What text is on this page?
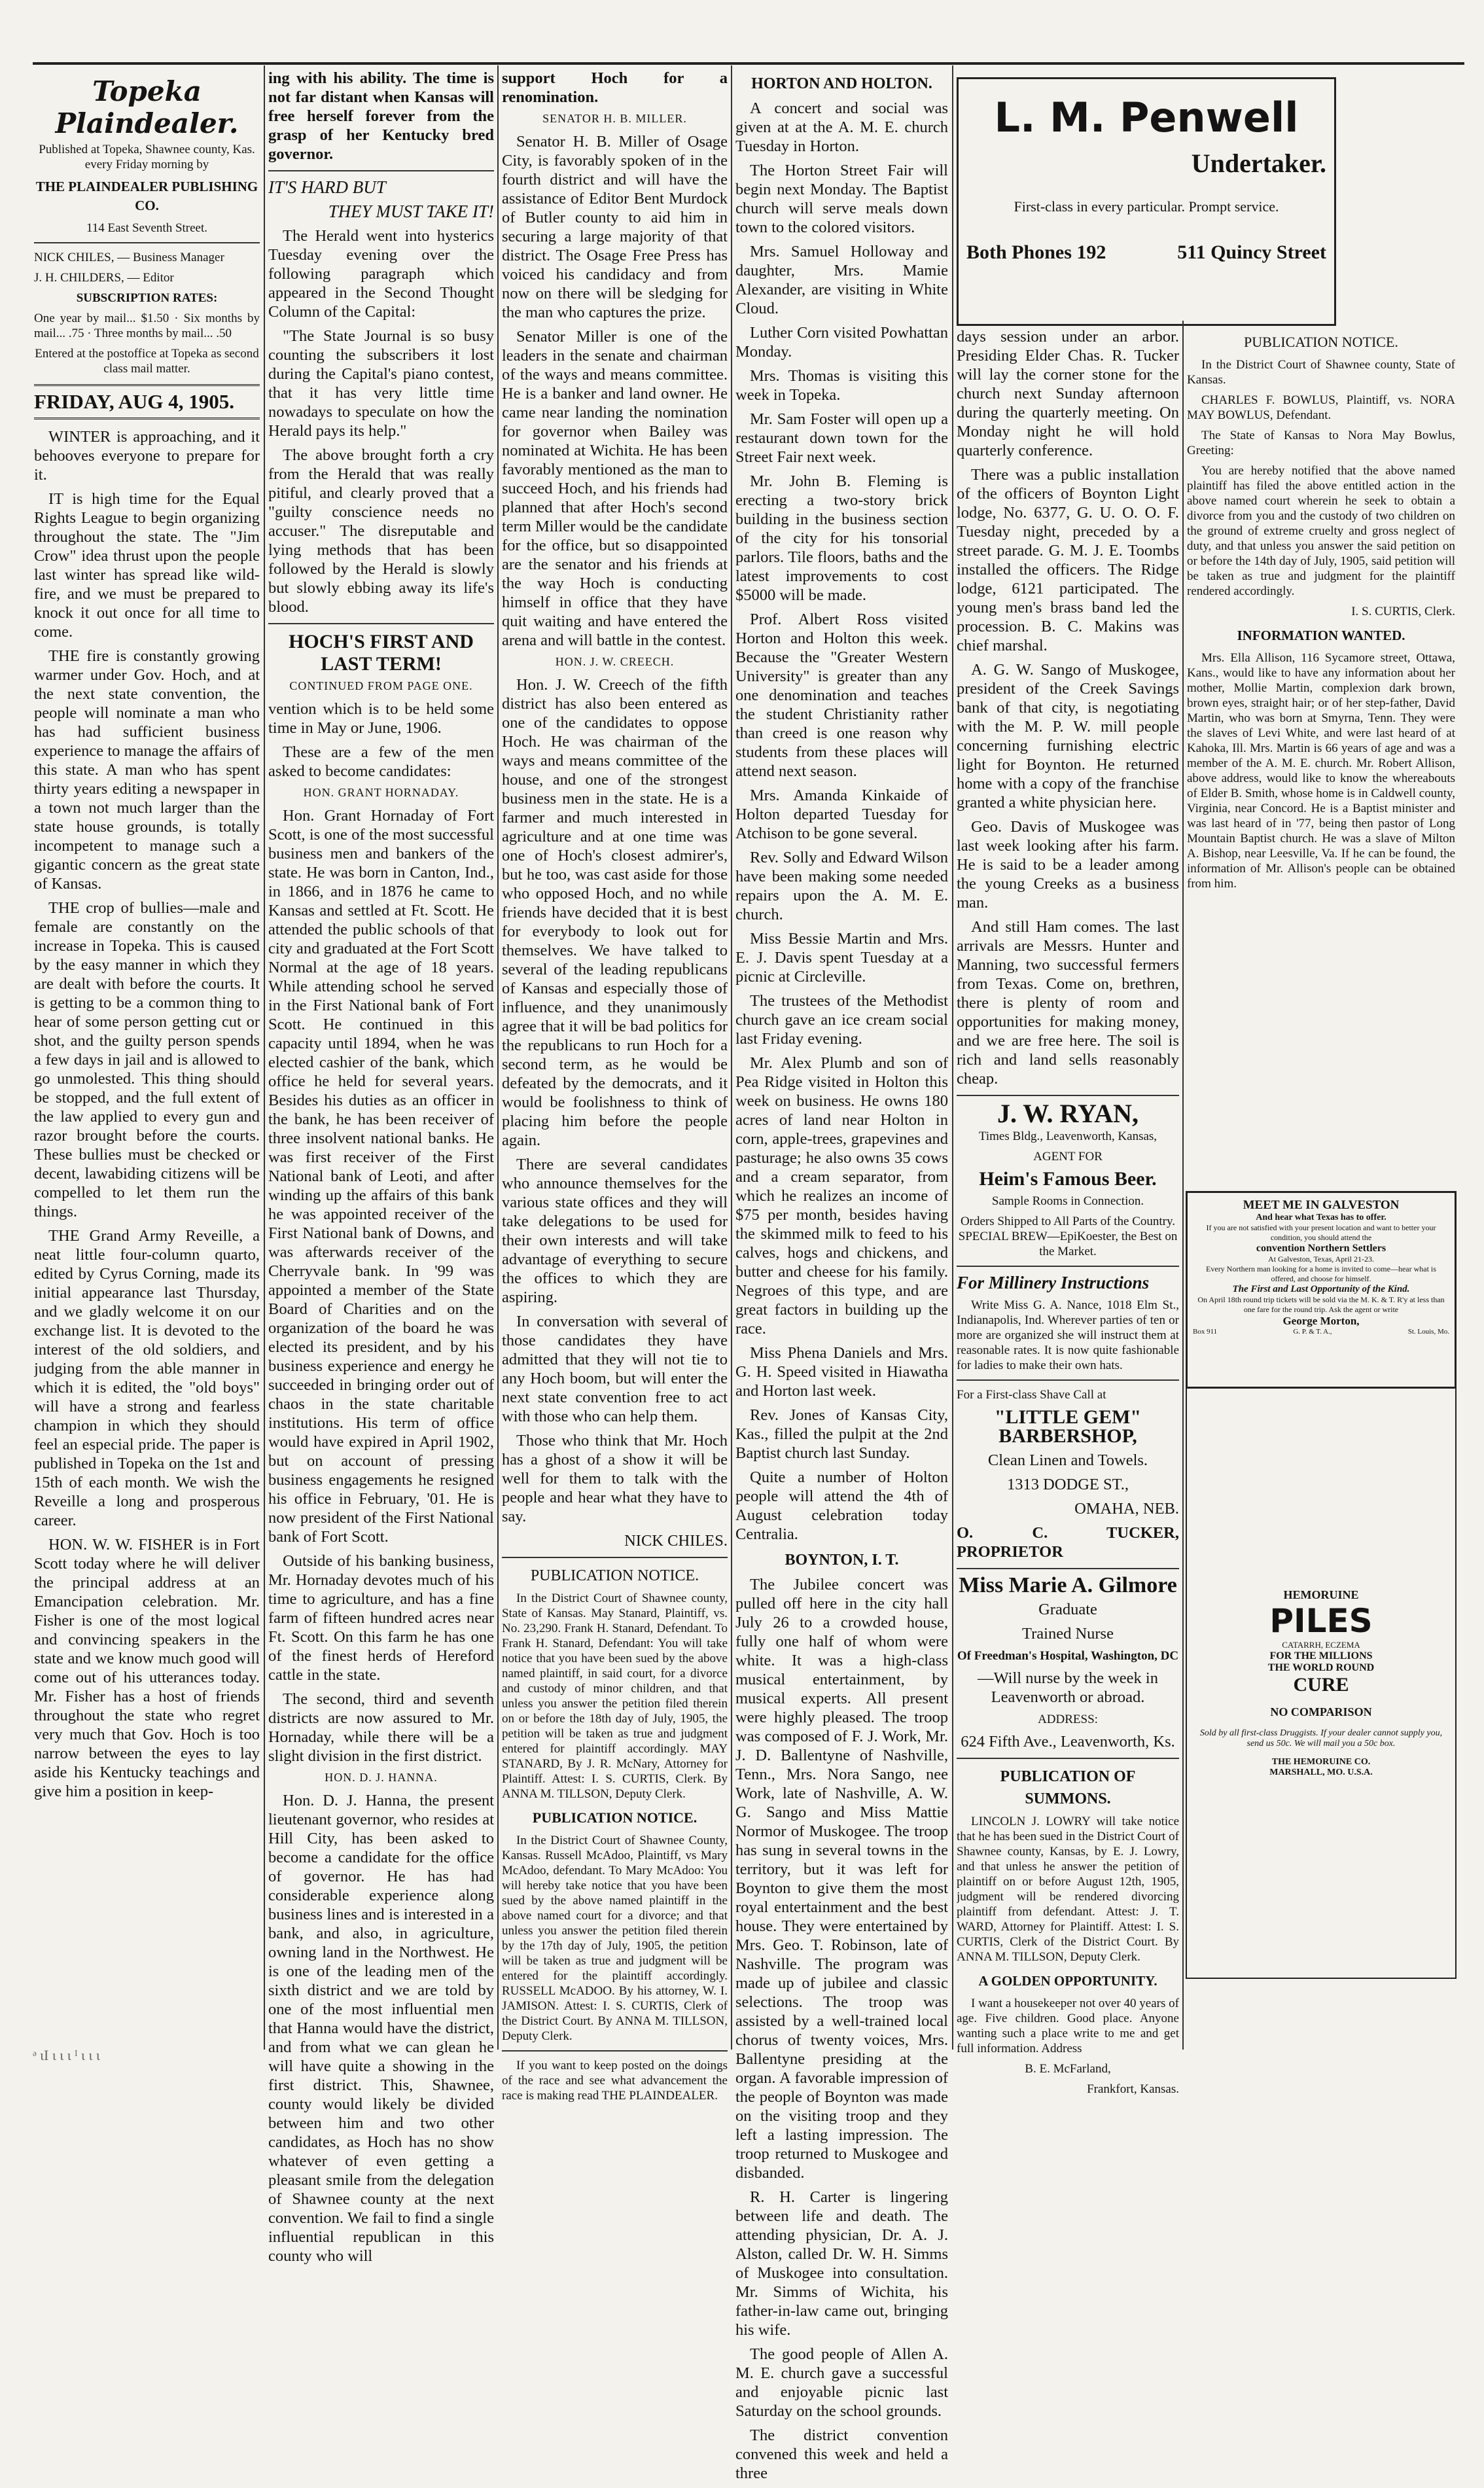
Topeka Plaindealer.

Published at Topeka, Shawnee county, Kas. every Friday morning by

THE PLAINDEALER PUBLISHING CO.

114 East Seventh Street.

NICK CHILES, — Business Manager

J. H. CHILDERS, — Editor

SUBSCRIPTION RATES:

One year by mail... $1.50 · Six months by mail... .75 · Three months by mail... .50

Entered at the postoffice at Topeka as second class mail matter.

FRIDAY, AUG 4, 1905.

WINTER is approaching, and it behooves everyone to prepare for it.

IT is high time for the Equal Rights League to begin organizing throughout the state. The "Jim Crow" idea thrust upon the people last winter has spread like wild-fire, and we must be prepared to knock it out once for all time to come.

THE fire is constantly growing warmer under Gov. Hoch, and at the next state convention, the people will nominate a man who has had sufficient business experience to manage the affairs of this state. A man who has spent thirty years editing a newspaper in a town not much larger than the state house grounds, is totally incompetent to manage such a gigantic concern as the great state of Kansas.

THE crop of bullies—male and female are constantly on the increase in Topeka. This is caused by the easy manner in which they are dealt with before the courts. It is getting to be a common thing to hear of some person getting cut or shot, and the guilty person spends a few days in jail and is allowed to go unmolested. This thing should be stopped, and the full extent of the law applied to every gun and razor brought before the courts. These bullies must be checked or decent, lawabiding citizens will be compelled to let them run the things.

THE Grand Army Reveille, a neat little four-column quarto, edited by Cyrus Corning, made its initial appearance last Thursday, and we gladly welcome it on our exchange list. It is devoted to the interest of the old soldiers, and judging from the able manner in which it is edited, the "old boys" will have a strong and fearless champion in which they should feel an especial pride. The paper is published in Topeka on the 1st and 15th of each month. We wish the Reveille a long and prosperous career.

HON. W. W. FISHER is in Fort Scott today where he will deliver the principal address at an Emancipation celebration. Mr. Fisher is one of the most logical and convincing speakers in the state and we know much good will come out of his utterances today. Mr. Fisher has a host of friends throughout the state who regret very much that Gov. Hoch is too narrow between the eyes to lay aside his Kentucky teachings and give him a position in keep-

ing with his ability. The time is not far distant when Kansas will free herself forever from the grasp of her Kentucky bred governor.

IT'S HARD BUT

THEY MUST TAKE IT!

The Herald went into hysterics Tuesday evening over the following paragraph which appeared in the Second Thought Column of the Capital:

"The State Journal is so busy counting the subscribers it lost during the Capital's piano contest, that it has very little time nowadays to speculate on how the Herald pays its help."

The above brought forth a cry from the Herald that was really pitiful, and clearly proved that a "guilty conscience needs no accuser." The disreputable and lying methods that has been followed by the Herald is slowly but slowly ebbing away its life's blood.

HOCH'S FIRST AND LAST TERM!
CONTINUED FROM PAGE ONE.

vention which is to be held some time in May or June, 1906.

These are a few of the men asked to become candidates:

HON. GRANT HORNADAY.

Hon. Grant Hornaday of Fort Scott, is one of the most successful business men and bankers of the state. He was born in Canton, Ind., in 1866, and in 1876 he came to Kansas and settled at Ft. Scott. He attended the public schools of that city and graduated at the Fort Scott Normal at the age of 18 years. While attending school he served in the First National bank of Fort Scott. He continued in this capacity until 1894, when he was elected cashier of the bank, which office he held for several years. Besides his duties as an officer in the bank, he has been receiver of three insolvent national banks. He was first receiver of the First National bank of Leoti, and after winding up the affairs of this bank he was appointed receiver of the First National bank of Downs, and was afterwards receiver of the Cherryvale bank. In '99 was appointed a member of the State Board of Charities and on the organization of the board he was elected its president, and by his business experience and energy he succeeded in bringing order out of chaos in the state charitable institutions. His term of office would have expired in April 1902, but on account of pressing business engagements he resigned his office in February, '01. He is now president of the First National bank of Fort Scott.

Outside of his banking business, Mr. Hornaday devotes much of his time to agriculture, and has a fine farm of fifteen hundred acres near Ft. Scott. On this farm he has one of the finest herds of Hereford cattle in the state.

The second, third and seventh districts are now assured to Mr. Hornaday, while there will be a slight division in the first district.

HON. D. J. HANNA.

Hon. D. J. Hanna, the present lieutenant governor, who resides at Hill City, has been asked to become a candidate for the office of governor. He has had considerable experience along business lines and is interested in a bank, and also, in agriculture, owning land in the Northwest. He is one of the leading men of the sixth district and we are told by one of the most influential men that Hanna would have the district, and from what we can glean he will have quite a showing in the first district. This, Shawnee, county would likely be divided between him and two other candidates, as Hoch has no show whatever of even getting a pleasant smile from the delegation of Shawnee county at the next convention. We fail to find a single influential republican in this county who will

support Hoch for a renomination.

SENATOR H. B. MILLER.

Senator H. B. Miller of Osage City, is favorably spoken of in the fourth district and will have the assistance of Editor Bent Murdock of Butler county to aid him in securing a large majority of that district. The Osage Free Press has voiced his candidacy and from now on there will be sledging for the man who captures the prize.

Senator Miller is one of the leaders in the senate and chairman of the ways and means committee. He is a banker and land owner. He came near landing the nomination for governor when Bailey was nominated at Wichita. He has been favorably mentioned as the man to succeed Hoch, and his friends had planned that after Hoch's second term Miller would be the candidate for the office, but so disappointed are the senator and his friends at the way Hoch is conducting himself in office that they have quit waiting and have entered the arena and will battle in the contest.

HON. J. W. CREECH.

Hon. J. W. Creech of the fifth district has also been entered as one of the candidates to oppose Hoch. He was chairman of the ways and means committee of the house, and one of the strongest business men in the state. He is a farmer and much interested in agriculture and at one time was one of Hoch's closest admirer's, but he too, was cast aside for those who opposed Hoch, and no while friends have decided that it is best for everybody to look out for themselves. We have talked to several of the leading republicans of Kansas and especially those of influence, and they unanimously agree that it will be bad politics for the republicans to run Hoch for a second term, as he would be defeated by the democrats, and it would be foolishness to think of placing him before the people again.

There are several candidates who announce themselves for the various state offices and they will take delegations to be used for their own interests and will take advantage of everything to secure the offices to which they are aspiring.

In conversation with several of those candidates they have admitted that they will not tie to any Hoch boom, but will enter the next state convention free to act with those who can help them.

Those who think that Mr. Hoch has a ghost of a show it will be well for them to talk with the people and hear what they have to say.

NICK CHILES.

PUBLICATION NOTICE.

In the District Court of Shawnee county, State of Kansas. May Stanard, Plaintiff, vs. No. 23,290. Frank H. Stanard, Defendant. To Frank H. Stanard, Defendant: You will take notice that you have been sued by the above named plaintiff, in said court, for a divorce and custody of minor children, and that unless you answer the petition filed therein on or before the 18th day of July, 1905, the petition will be taken as true and judgment entered for plaintiff accordingly. MAY STANARD, By J. R. McNary, Attorney for Plaintiff. Attest: I. S. CURTIS, Clerk. By ANNA M. TILLSON, Deputy Clerk.

PUBLICATION NOTICE.

In the District Court of Shawnee County, Kansas. Russell McAdoo, Plaintiff, vs Mary McAdoo, defendant. To Mary McAdoo: You will hereby take notice that you have been sued by the above named plaintiff in the above named court for a divorce; and that unless you answer the petition filed therein by the 17th day of July, 1905, the petition will be taken as true and judgment will be entered for the plaintiff accordingly. RUSSELL McADOO. By his attorney, W. I. JAMISON. Attest: I. S. CURTIS, Clerk of the District Court. By ANNA M. TILLSON, Deputy Clerk.

If you want to keep posted on the doings of the race and see what advancement the race is making read THE PLAINDEALER.

HORTON AND HOLTON.

A concert and social was given at at the A. M. E. church Tuesday in Horton.

The Horton Street Fair will begin next Monday. The Baptist church will serve meals down town to the colored visitors.

Mrs. Samuel Holloway and daughter, Mrs. Mamie Alexander, are visiting in White Cloud.

Luther Corn visited Powhattan Monday.

Mrs. Thomas is visiting this week in Topeka.

Mr. Sam Foster will open up a restaurant down town for the Street Fair next week.

Mr. John B. Fleming is erecting a two-story brick building in the business section of the city for his tonsorial parlors. Tile floors, baths and the latest improvements to cost $5000 will be made.

Prof. Albert Ross visited Horton and Holton this week. Because the "Greater Western University" is greater than any one denomination and teaches the student Christianity rather than creed is one reason why students from these places will attend next season.

Mrs. Amanda Kinkaide of Holton departed Tuesday for Atchison to be gone several.

Rev. Solly and Edward Wilson have been making some needed repairs upon the A. M. E. church.

Miss Bessie Martin and Mrs. E. J. Davis spent Tuesday at a picnic at Circleville.

The trustees of the Methodist church gave an ice cream social last Friday evening.

Mr. Alex Plumb and son of Pea Ridge visited in Holton this week on business. He owns 180 acres of land near Holton in corn, apple-trees, grapevines and pasturage; he also owns 35 cows and a cream separator, from which he realizes an income of $75 per month, besides having the skimmed milk to feed to his calves, hogs and chickens, and butter and cheese for his family. Negroes of this type, and are great factors in building up the race.

Miss Phena Daniels and Mrs. G. H. Speed visited in Hiawatha and Horton last week.

Rev. Jones of Kansas City, Kas., filled the pulpit at the 2nd Baptist church last Sunday.

Quite a number of Holton people will attend the 4th of August celebration today Centralia.

BOYNTON, I. T.

The Jubilee concert was pulled off here in the city hall July 26 to a crowded house, fully one half of whom were white. It was a high-class musical entertainment, by musical experts. All present were highly pleased. The troop was composed of F. J. Work, Mr. J. D. Ballentyne of Nashville, Tenn., Mrs. Nora Sango, nee Work, late of Nashville, A. W. G. Sango and Miss Mattie Normor of Muskogee. The troop has sung in several towns in the territory, but it was left for Boynton to give them the most royal entertainment and the best house. They were entertained by Mrs. Geo. T. Robinson, late of Nashville. The program was made up of jubilee and classic selections. The troop was assisted by a well-trained local chorus of twenty voices, Mrs. Ballentyne presiding at the organ. A favorable impression of the people of Boynton was made on the visiting troop and they left a lasting impression. The troop returned to Muskogee and disbanded.

R. H. Carter is lingering between life and death. The attending physician, Dr. A. J. Alston, called Dr. W. H. Simms of Muskogee into consultation. Mr. Simms of Wichita, his father-in-law came out, bringing his wife.

The good people of Allen A. M. E. church gave a successful and enjoyable picnic last Saturday on the school grounds.

The district convention convened this week and held a three

L. M. Penwell
Undertaker.
First-class in every particular. Prompt service.
Both Phones 192	511 Quincy Street

days session under an arbor. Presiding Elder Chas. R. Tucker will lay the corner stone for the church next Sunday afternoon during the quarterly meeting. On Monday night he will hold quarterly conference.

There was a public installation of the officers of Boynton Light lodge, No. 6377, G. U. O. O. F. Tuesday night, preceded by a street parade. G. M. J. E. Toombs installed the officers. The Ridge lodge, 6121 participated. The young men's brass band led the procession. B. C. Makins was chief marshal.

A. G. W. Sango of Muskogee, president of the Creek Savings bank of that city, is negotiating with the M. P. W. mill people concerning furnishing electric light for Boynton. He returned home with a copy of the franchise granted a white physician here.

Geo. Davis of Muskogee was last week looking after his farm. He is said to be a leader among the young Creeks as a business man.

And still Ham comes. The last arrivals are Messrs. Hunter and Manning, two successful fermers from Texas. Come on, brethren, there is plenty of room and opportunities for making money, and we are free here. The soil is rich and land sells reasonably cheap.

J. W. RYAN,

Times Bldg., Leavenworth, Kansas,

AGENT FOR

Heim's Famous Beer.

Sample Rooms in Connection.

Orders Shipped to All Parts of the Country. SPECIAL BREW—EpiKoester, the Best on the Market.

For Millinery Instructions

Write Miss G. A. Nance, 1018 Elm St., Indianapolis, Ind. Wherever parties of ten or more are organized she will instruct them at reasonable rates. It is now quite fashionable for ladies to make their own hats.

For a First-class Shave Call at

"LITTLE GEM" BARBERSHOP,

Clean Linen and Towels.

1313 DODGE ST.,

OMAHA, NEB.

O. C. TUCKER, PROPRIETOR

Miss Marie A. Gilmore

Graduate

Trained Nurse

Of Freedman's Hospital, Washington, DC

—Will nurse by the week in Leavenworth or abroad.

ADDRESS:

624 Fifth Ave., Leavenworth, Ks.

PUBLICATION OF SUMMONS.

LINCOLN J. LOWRY will take notice that he has been sued in the District Court of Shawnee county, Kansas, by E. J. Lowry, and that unless he answer the petition of plaintiff on or before August 12th, 1905, judgment will be rendered divorcing plaintiff from defendant. Attest: J. T. WARD, Attorney for Plaintiff. Attest: I. S. CURTIS, Clerk of the District Court. By ANNA M. TILLSON, Deputy Clerk.

A GOLDEN OPPORTUNITY.

I want a housekeeper not over 40 years of age. Five children. Good place. Anyone wanting such a place write to me and get full information. Address

B. E. McFarland,

Frankfort, Kansas.

PUBLICATION NOTICE.

In the District Court of Shawnee county, State of Kansas.

CHARLES F. BOWLUS, Plaintiff, vs. NORA MAY BOWLUS, Defendant.

The State of Kansas to Nora May Bowlus, Greeting:

You are hereby notified that the above named plaintiff has filed the above entitled action in the above named court wherein he seek to obtain a divorce from you and the custody of two children on the ground of extreme cruelty and gross neglect of duty, and that unless you answer the said petition on or before the 14th day of July, 1905, said petition will be taken as true and judgment for the plaintiff rendered accordingly.

I. S. CURTIS, Clerk.

INFORMATION WANTED.

Mrs. Ella Allison, 116 Sycamore street, Ottawa, Kans., would like to have any information about her mother, Mollie Martin, complexion dark brown, brown eyes, straight hair; or of her step-father, David Martin, who was born at Smyrna, Tenn. They were the slaves of Levi White, and were last heard of at Kahoka, Ill. Mrs. Martin is 66 years of age and was a member of the A. M. E. church. Mr. Robert Allison, above address, would like to know the whereabouts of Elder B. Smith, whose home is in Caldwell county, Virginia, near Concord. He is a Baptist minister and was last heard of in '77, being then pastor of Long Mountain Baptist church. He was a slave of Milton A. Bishop, near Leesville, Va. If he can be found, the information of Mr. Allison's people can be obtained from him.

MEET ME IN GALVESTON
And hear what Texas has to offer.
If you are not satisfied with your present location and want to better your condition, you should attend the
convention Northern Settlers
At Galveston, Texas, April 21-23.
Every Northern man looking for a home is invited to come—hear what is offered, and choose for himself.
The First and Last Opportunity of the Kind.
On April 18th round trip tickets will be sold via the M. K. & T. R'y at less than one fare for the round trip. Ask the agent or write
George Morton,
Box 911	G. P. & T. A.,	St. Louis, Mo.
HEMORUINE
PILES
CATARRH, ECZEMA
FOR THE MILLIONS
THE WORLD ROUND
CURE
NO COMPARISON
Sold by all first-class Druggists. If your dealer cannot supply you, send us 50c. We will mail you a 50c box.
THE HEMORUINE CO.
MARSHALL, MO. U.S.A.
ᵊ ιΙ ι ι ι ᴵ ι ι ι
